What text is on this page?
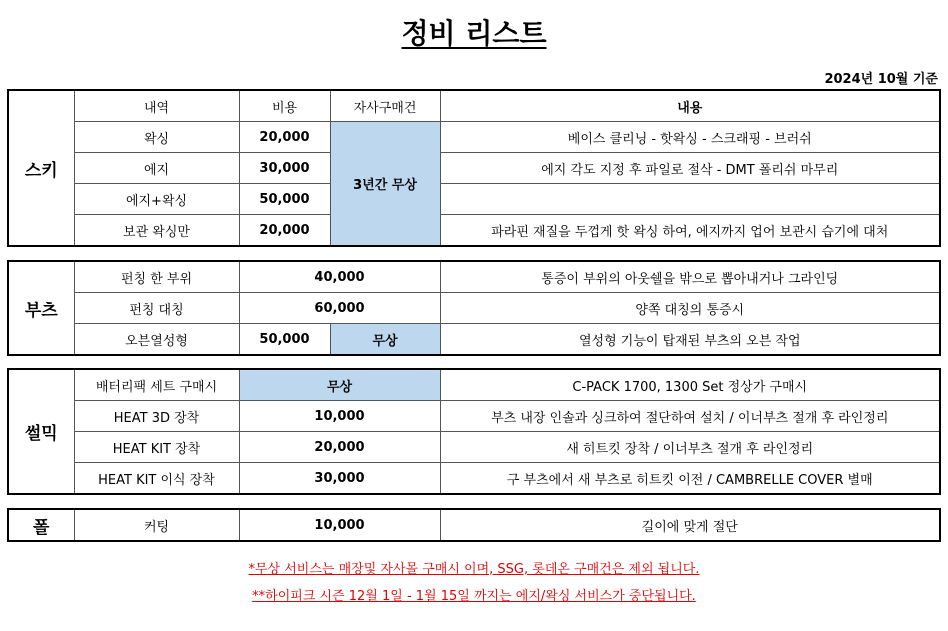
정비 리스트
2024년 10월 기준
스키	내역	비용	자사구매건	내용
	왁싱	20,000	3년간 무상	베이스 클리닝 - 핫왁싱 - 스크래핑 - 브러쉬
	에지	30,000		에지 각도 지정 후 파일로 절삭 - DMT 폴리쉬 마무리
	에지+왁싱	50,000		
	보관 왁싱만	20,000		파라핀 재질을 두껍게 핫 왁싱 하여, 에지까지 업어 보관시 습기에 대처
부츠	펀칭 한 부위	40,000		통증이 부위의 아웃쉘을 밖으로 뽑아내거나 그라인딩
	펀칭 대칭	60,000		양쪽 대칭의 통증시
	오븐열성형	50,000	무상	열성형 기능이 탑재된 부츠의 오븐 작업
썰믹	배터리팩 세트 구매시	무상	C-PACK 1700, 1300 Set 정상가 구매시
	HEAT 3D 장착	10,000	부츠 내장 인솔과 싱크하여 절단하여 설치 / 이너부츠 절개 후 라인정리
	HEAT KIT 장착	20,000	새 히트킷 장착 / 이너부츠 절개 후 라인정리
	HEAT KIT 이식 장착	30,000	구 부츠에서 새 부츠로 히트킷 이전 / CAMBRELLE COVER 별매
폴	커팅	10,000	길이에 맞게 절단
*무상 서비스는 매장및 자사몰 구매시 이며, SSG, 롯데온 구매건은 제외 됩니다.
**하이피크 시즌 12월 1일 - 1월 15일 까지는 에지/왁싱 서비스가 중단됩니다.
